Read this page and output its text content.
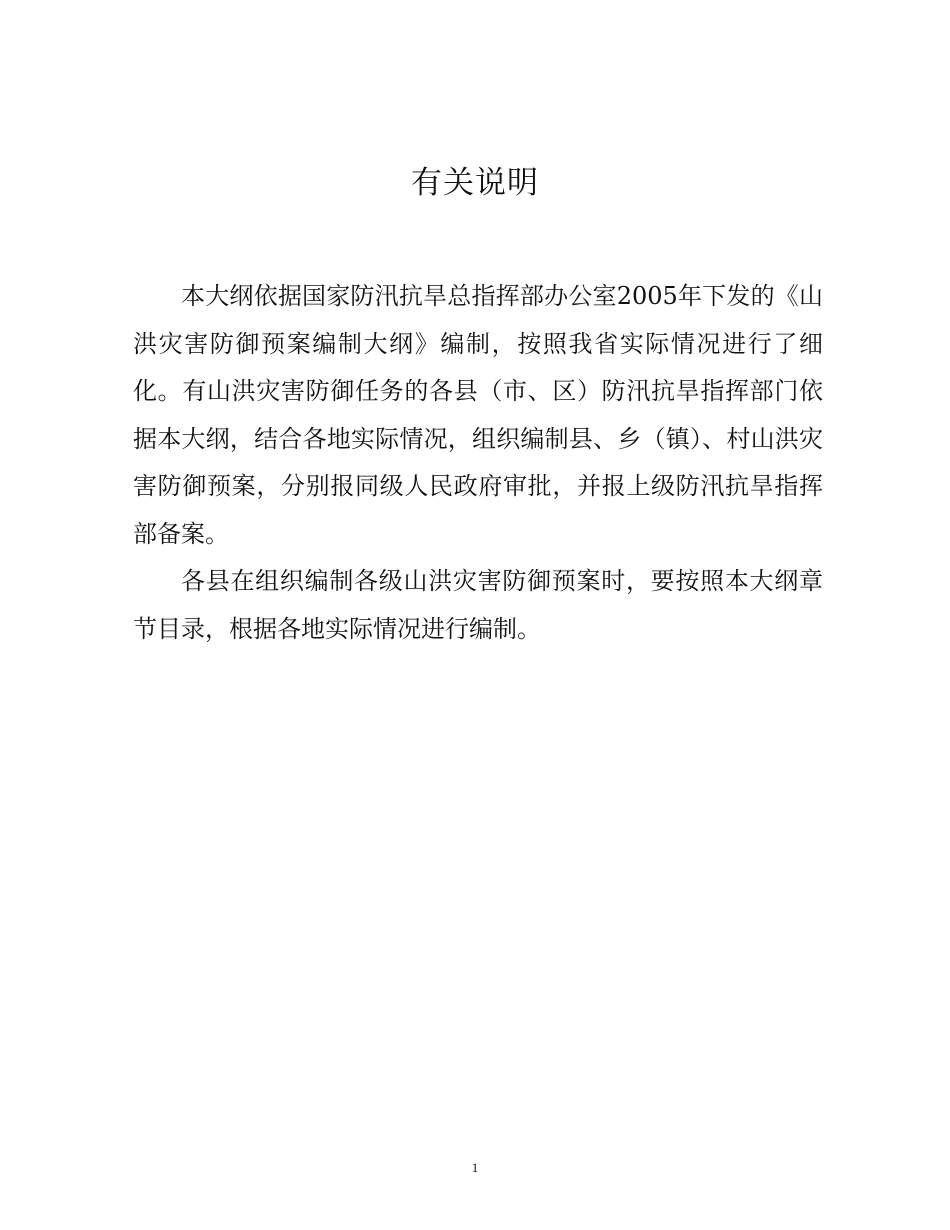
有关说明

本大纲依据国家防汛抗旱总指挥部办公室2005年下发的《山洪灾害防御预案编制大纲》编制，按照我省实际情况进行了细化。有山洪灾害防御任务的各县（市、区）防汛抗旱指挥部门依据本大纲，结合各地实际情况，组织编制县、乡（镇）、村山洪灾害防御预案，分别报同级人民政府审批，并报上级防汛抗旱指挥部备案。

各县在组织编制各级山洪灾害防御预案时，要按照本大纲章节目录，根据各地实际情况进行编制。

1
